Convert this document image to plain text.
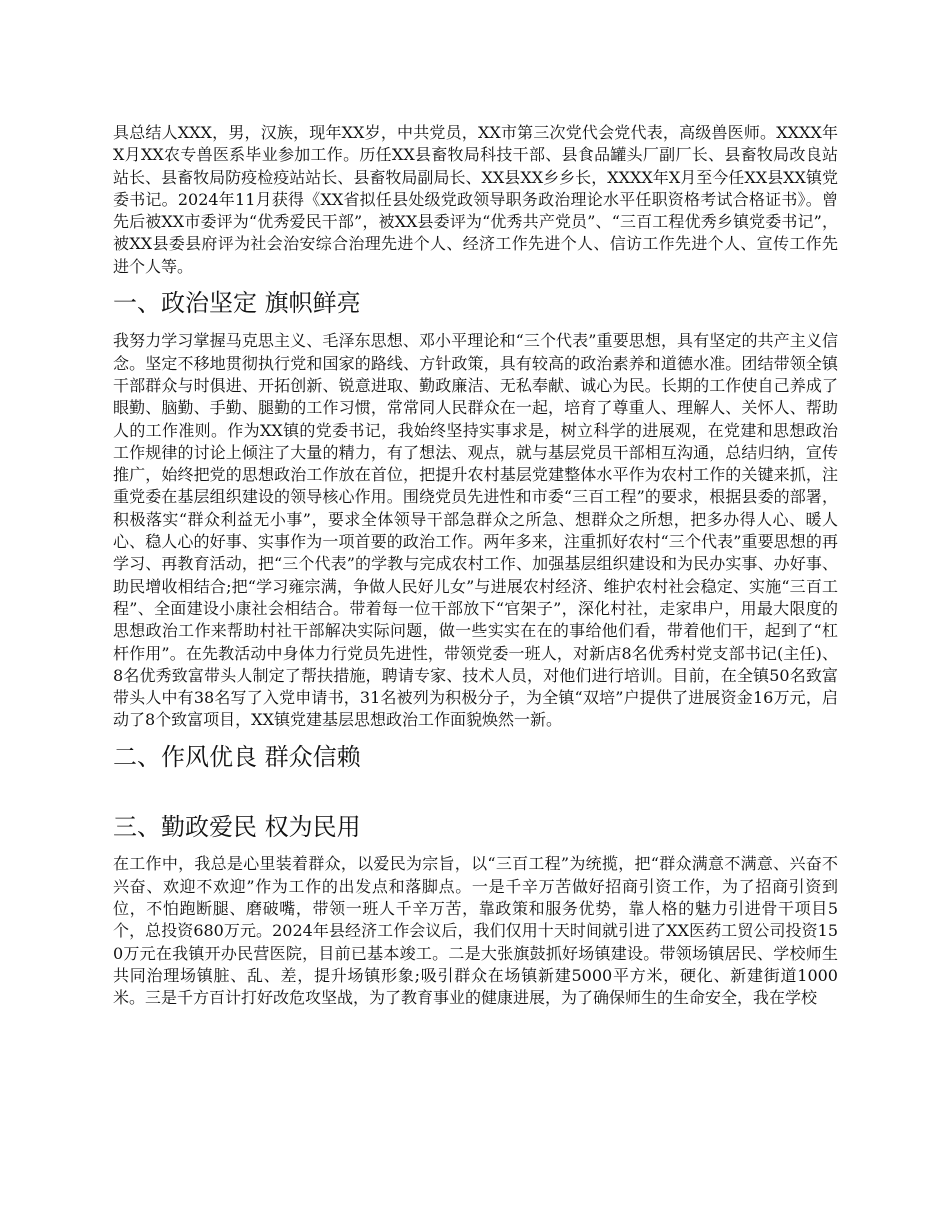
具总结人XXX，男，汉族，现年XX岁，中共党员，XX市第三次党代会党代表，高级兽医师。XXXX年X月XX农专兽医系毕业参加工作。历任XX县畜牧局科技干部、县食品罐头厂副厂长、县畜牧局改良站站长、县畜牧局防疫检疫站站长、县畜牧局副局长、XX县XX乡乡长，XXXX年X月至今任XX县XX镇党委书记。2024年11月获得《XX省拟任县处级党政领导职务政治理论水平任职资格考试合格证书》。曾先后被XX市委评为“优秀爱民干部”，被XX县委评为“优秀共产党员”、“三百工程优秀乡镇党委书记”，被XX县委县府评为社会治安综合治理先进个人、经济工作先进个人、信访工作先进个人、宣传工作先进个人等。

一、政治坚定 旗帜鲜亮

我努力学习掌握马克思主义、毛泽东思想、邓小平理论和“三个代表”重要思想，具有坚定的共产主义信念。坚定不移地贯彻执行党和国家的路线、方针政策，具有较高的政治素养和道德水准。团结带领全镇干部群众与时俱进、开拓创新、锐意进取、勤政廉洁、无私奉献、诚心为民。长期的工作使自己养成了眼勤、脑勤、手勤、腿勤的工作习惯，常常同人民群众在一起，培育了尊重人、理解人、关怀人、帮助人的工作准则。作为XX镇的党委书记，我始终坚持实事求是，树立科学的进展观，在党建和思想政治工作规律的讨论上倾注了大量的精力，有了想法、观点，就与基层党员干部相互沟通，总结归纳，宣传推广，始终把党的思想政治工作放在首位，把提升农村基层党建整体水平作为农村工作的关键来抓，注重党委在基层组织建设的领导核心作用。围绕党员先进性和市委“三百工程”的要求，根据县委的部署，积极落实“群众利益无小事”，要求全体领导干部急群众之所急、想群众之所想，把多办得人心、暖人心、稳人心的好事、实事作为一项首要的政治工作。两年多来，注重抓好农村“三个代表”重要思想的再学习、再教育活动，把“三个代表”的学教与完成农村工作、加强基层组织建设和为民办实事、办好事、助民增收相结合;把“学习雍宗满，争做人民好儿女”与进展农村经济、维护农村社会稳定、实施“三百工程”、全面建设小康社会相结合。带着每一位干部放下“官架子”，深化村社，走家串户，用最大限度的思想政治工作来帮助村社干部解决实际问题，做一些实实在在的事给他们看，带着他们干，起到了“杠杆作用”。在先教活动中身体力行党员先进性，带领党委一班人，对新店8名优秀村党支部书记(主任)、8名优秀致富带头人制定了帮扶措施，聘请专家、技术人员，对他们进行培训。目前，在全镇50名致富带头人中有38名写了入党申请书，31名被列为积极分子，为全镇“双培”户提供了进展资金16万元，启动了8个致富项目，XX镇党建基层思想政治工作面貌焕然一新。

二、作风优良 群众信赖
三、勤政爱民 权为民用

在工作中，我总是心里装着群众，以爱民为宗旨，以“三百工程”为统揽，把“群众满意不满意、兴奋不兴奋、欢迎不欢迎”作为工作的出发点和落脚点。一是千辛万苦做好招商引资工作，为了招商引资到位，不怕跑断腿、磨破嘴，带领一班人千辛万苦，靠政策和服务优势，靠人格的魅力引进骨干项目5个，总投资680万元。2024年县经济工作会议后，我们仅用十天时间就引进了XX医药工贸公司投资150万元在我镇开办民营医院，目前已基本竣工。二是大张旗鼓抓好场镇建设。带领场镇居民、学校师生共同治理场镇脏、乱、差，提升场镇形象;吸引群众在场镇新建5000平方米，硬化、新建街道1000米。三是千方百计打好改危攻坚战，为了教育事业的健康进展，为了确保师生的生命安全，我在学校
